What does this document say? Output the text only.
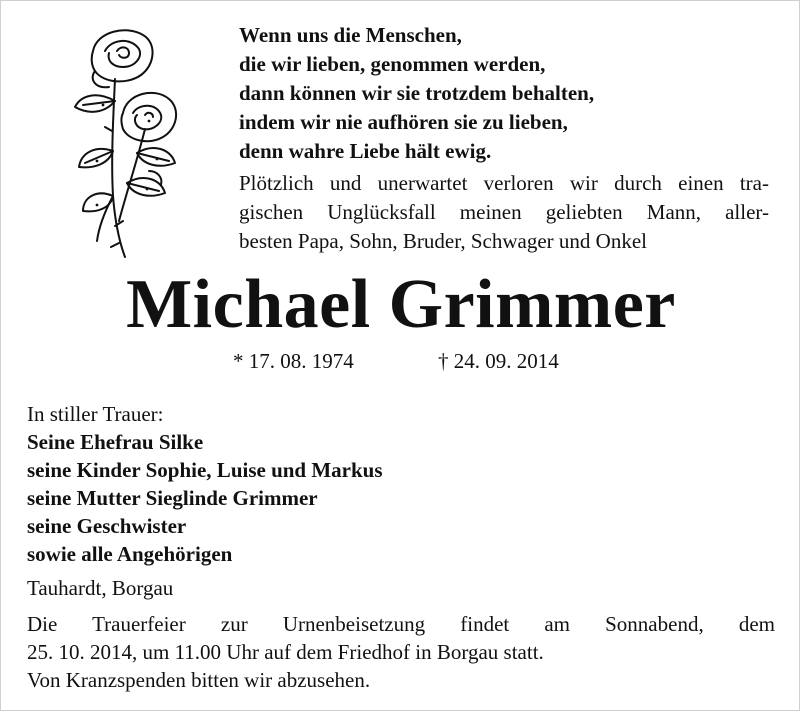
Wenn uns die Menschen,
die wir lieben, genommen werden,
dann können wir sie trotzdem behalten,
indem wir nie aufhören sie zu lieben,
denn wahre Liebe hält ewig.
Plötzlich und unerwartet verloren wir durch einen tra-
gischen Unglücksfall meinen geliebten Mann, aller-
besten Papa, Sohn, Bruder, Schwager und Onkel
Michael Grimmer
* 17. 08. 1974	† 24. 09. 2014
In stiller Trauer:
Seine Ehefrau Silke
seine Kinder Sophie, Luise und Markus
seine Mutter Sieglinde Grimmer
seine Geschwister
sowie alle Angehörigen
Tauhardt, Borgau
Die Trauerfeier zur Urnenbeisetzung findet am Sonnabend, dem
25. 10. 2014, um 11.00 Uhr auf dem Friedhof in Borgau statt.
Von Kranzspenden bitten wir abzusehen.
